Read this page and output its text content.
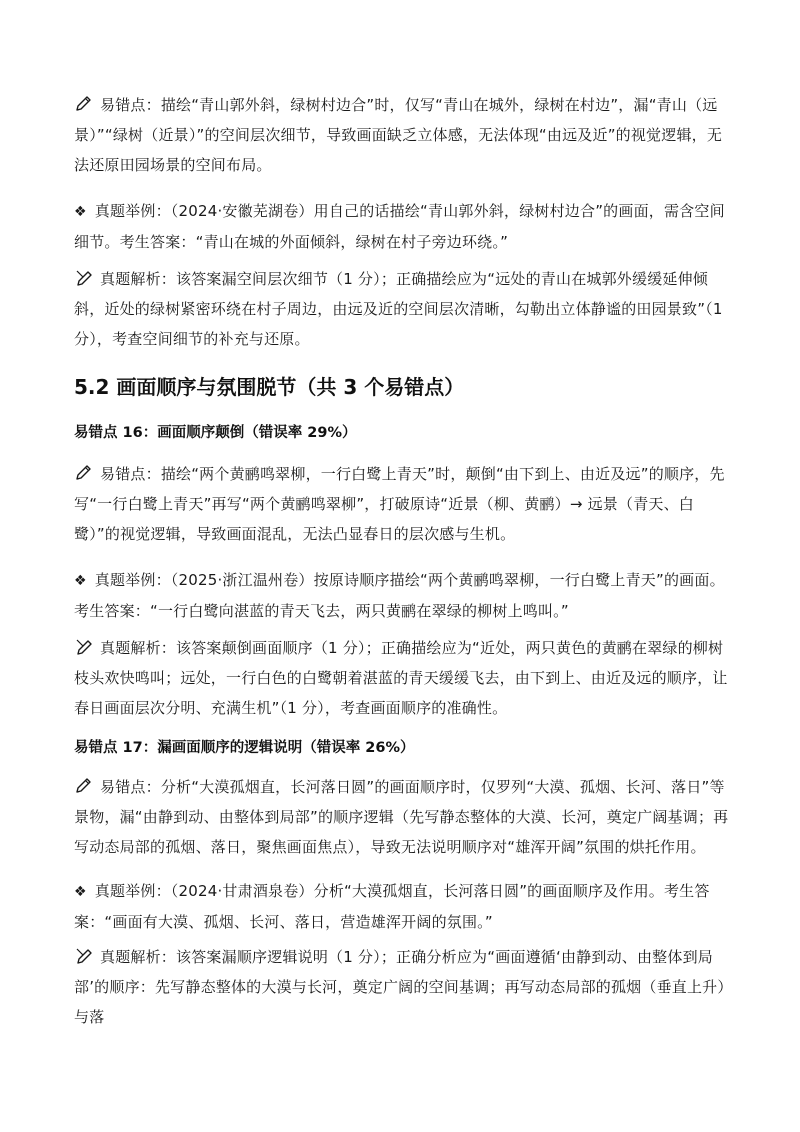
易错点：描绘“青山郭外斜，绿树村边合”时，仅写“青山在城外，绿树在村边”，漏“青山（远景）”“绿树（近景）”的空间层次细节，导致画面缺乏立体感，无法体现“由远及近”的视觉逻辑，无法还原田园场景的空间布局。
❖ 真题举例：（2024·安徽芜湖卷）用自己的话描绘“青山郭外斜，绿树村边合”的画面，需含空间细节。考生答案：“青山在城的外面倾斜，绿树在村子旁边环绕。”
真题解析：该答案漏空间层次细节（1 分）；正确描绘应为“远处的青山在城郭外缓缓延伸倾斜，近处的绿树紧密环绕在村子周边，由远及近的空间层次清晰，勾勒出立体静谧的田园景致”（1 分），考查空间细节的补充与还原。
5.2 画面顺序与氛围脱节（共 3 个易错点）
易错点 16：画面顺序颠倒（错误率 29%）
易错点：描绘“两个黄鹂鸣翠柳，一行白鹭上青天”时，颠倒“由下到上、由近及远”的顺序，先写“一行白鹭上青天”再写“两个黄鹂鸣翠柳”，打破原诗“近景（柳、黄鹂）→ 远景（青天、白鹭）”的视觉逻辑，导致画面混乱，无法凸显春日的层次感与生机。
❖ 真题举例：（2025·浙江温州卷）按原诗顺序描绘“两个黄鹂鸣翠柳，一行白鹭上青天”的画面。考生答案：“一行白鹭向湛蓝的青天飞去，两只黄鹂在翠绿的柳树上鸣叫。”
真题解析：该答案颠倒画面顺序（1 分）；正确描绘应为“近处，两只黄色的黄鹂在翠绿的柳树枝头欢快鸣叫；远处，一行白色的白鹭朝着湛蓝的青天缓缓飞去，由下到上、由近及远的顺序，让春日画面层次分明、充满生机”（1 分），考查画面顺序的准确性。
易错点 17：漏画面顺序的逻辑说明（错误率 26%）
易错点：分析“大漠孤烟直，长河落日圆”的画面顺序时，仅罗列“大漠、孤烟、长河、落日”等景物，漏“由静到动、由整体到局部”的顺序逻辑（先写静态整体的大漠、长河，奠定广阔基调；再写动态局部的孤烟、落日，聚焦画面焦点），导致无法说明顺序对“雄浑开阔”氛围的烘托作用。
❖ 真题举例：（2024·甘肃酒泉卷）分析“大漠孤烟直，长河落日圆”的画面顺序及作用。考生答案：“画面有大漠、孤烟、长河、落日，营造雄浑开阔的氛围。”
真题解析：该答案漏顺序逻辑说明（1 分）；正确分析应为“画面遵循‘由静到动、由整体到局部’的顺序：先写静态整体的大漠与长河，奠定广阔的空间基调；再写动态局部的孤烟（垂直上升）与落
